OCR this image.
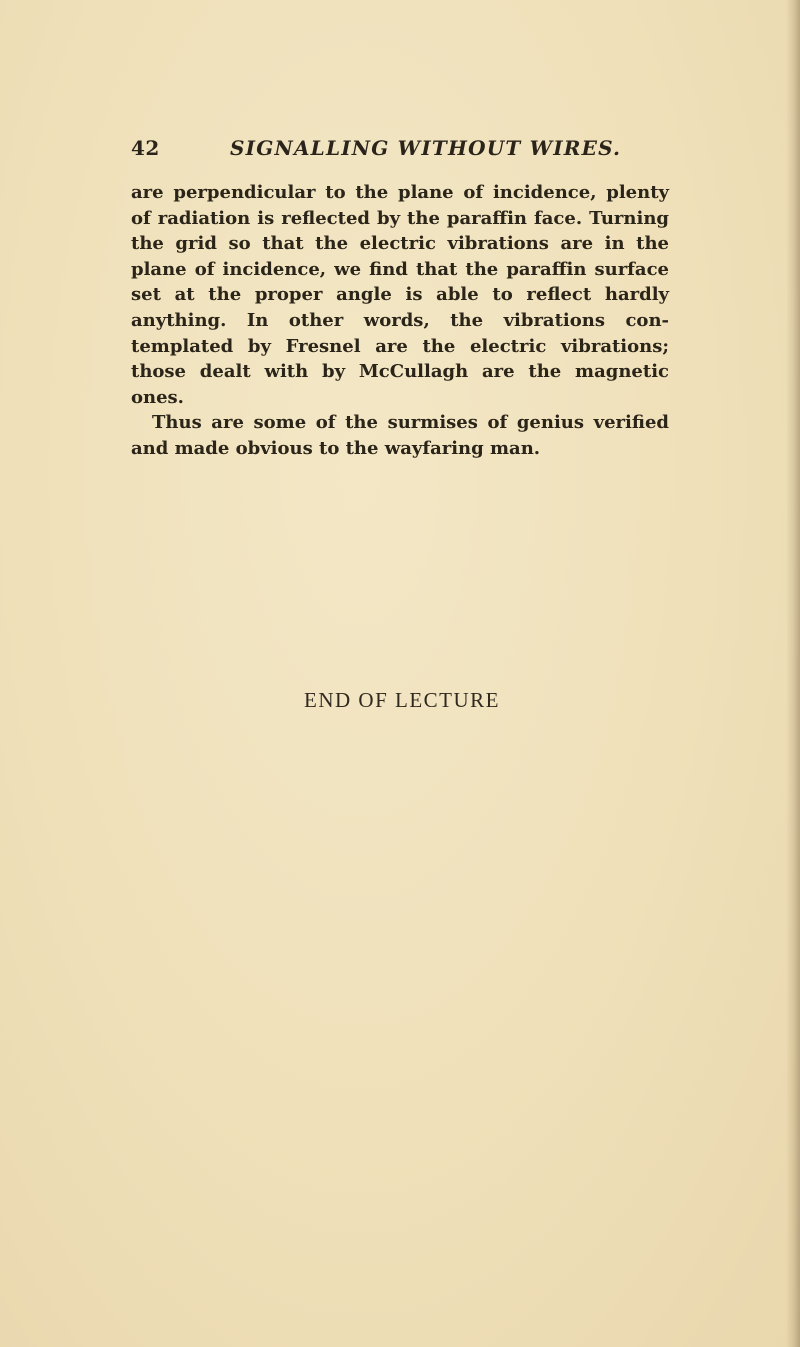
42	SIGNALLING WITHOUT WIRES.

are perpendicular to the plane of incidence, plenty of radiation is reflected by the paraffin face. Turning the grid so that the electric vibrations are in the plane of incidence, we find that the paraffin surface set at the proper angle is able to reflect hardly anything. In other words, the vibrations con-templated by Fresnel are the electric vibrations; those dealt with by McCullagh are the magnetic ones.

Thus are some of the surmises of genius verified and made obvious to the wayfaring man.

END OF LECTURE
